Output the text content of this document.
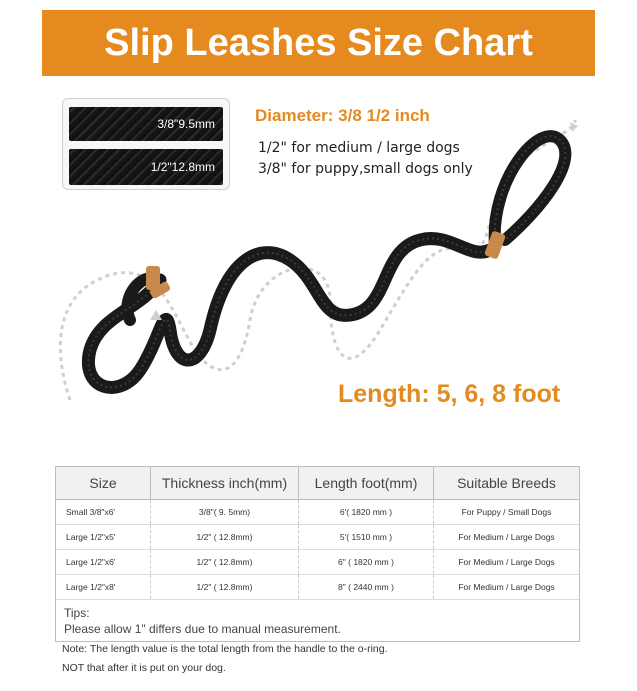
Slip Leashes Size Chart
3/8"9.5mm
1/2"12.8mm
Diameter: 3/8 1/2 inch
1/2" for medium / large dogs
3/8" for puppy,small dogs only
Length: 5, 6, 8 foot
Size	Thickness inch(mm)	Length foot(mm)	Suitable Breeds
Small 3/8"x6'	3/8"( 9. 5mm)	6'( 1820 mm )	For Puppy / Small Dogs
Large 1/2"x5'	1/2" ( 12.8mm)	5'( 1510 mm )	For Medium / Large Dogs
Large 1/2"x6'	1/2" ( 12.8mm)	6" ( 1820 mm )	For Medium / Large Dogs
Large 1/2"x8'	1/2" ( 12.8mm)	8" ( 2440 mm )	For Medium / Large Dogs
Tips:
Please allow 1" differs due to manual measurement.
Note: The length value is the total length from the handle to the o-ring.
NOT that after it is put on your dog.
